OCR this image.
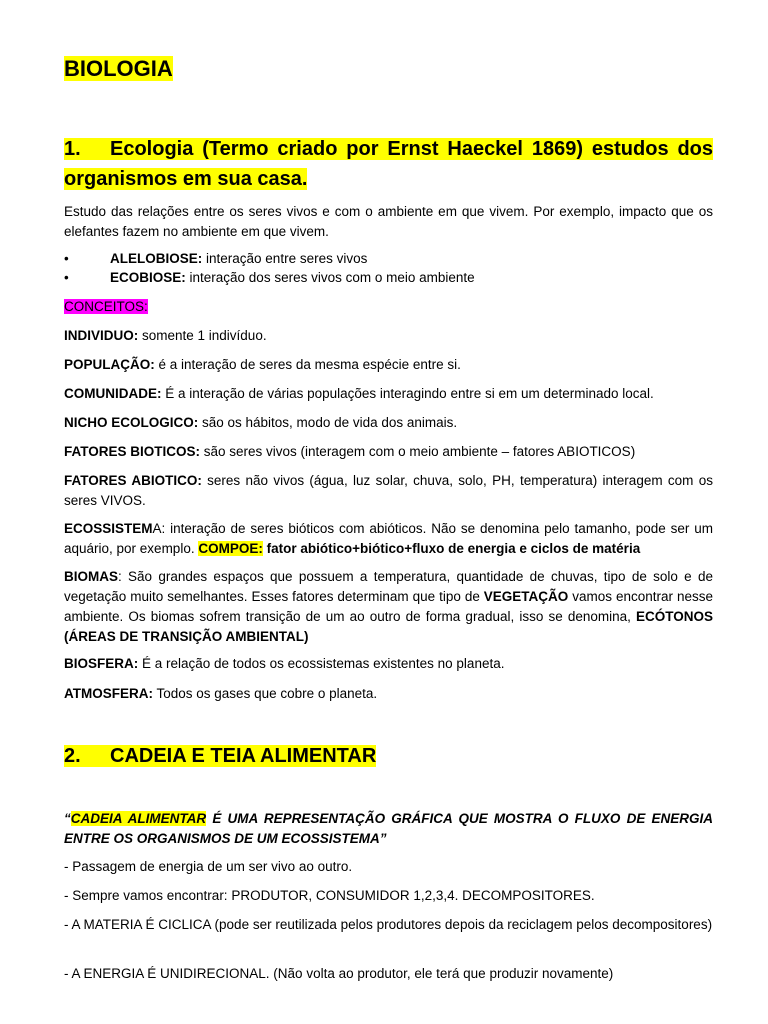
BIOLOGIA
1. Ecologia (Termo criado por Ernst Haeckel 1869) estudos dos organismos em sua casa.
Estudo das relações entre os seres vivos e com o ambiente em que vivem. Por exemplo, impacto que os elefantes fazem no ambiente em que vivem.
•	ALELOBIOSE: interação entre seres vivos
•	ECOBIOSE: interação dos seres vivos com o meio ambiente
CONCEITOS:
INDIVIDUO: somente 1 indivíduo.
POPULAÇÃO: é a interação de seres da mesma espécie entre si.
COMUNIDADE: É a interação de várias populações interagindo entre si em um determinado local.
NICHO ECOLOGICO: são os hábitos, modo de vida dos animais.
FATORES BIOTICOS: são seres vivos (interagem com o meio ambiente – fatores ABIOTICOS)
FATORES ABIOTICO: seres não vivos (água, luz solar, chuva, solo, PH, temperatura) interagem com os seres VIVOS.
ECOSSISTEMA: interação de seres bióticos com abióticos. Não se denomina pelo tamanho, pode ser um aquário, por exemplo. COMPOE: fator abiótico+biótico+fluxo de energia e ciclos de matéria
BIOMAS: São grandes espaços que possuem a temperatura, quantidade de chuvas, tipo de solo e de vegetação muito semelhantes. Esses fatores determinam que tipo de VEGETAÇÃO vamos encontrar nesse ambiente. Os biomas sofrem transição de um ao outro de forma gradual, isso se denomina, ECÓTONOS (ÁREAS DE TRANSIÇÃO AMBIENTAL)
BIOSFERA: É a relação de todos os ecossistemas existentes no planeta.
ATMOSFERA: Todos os gases que cobre o planeta.
2. CADEIA E TEIA ALIMENTAR
“CADEIA ALIMENTAR É UMA REPRESENTAÇÃO GRÁFICA QUE MOSTRA O FLUXO DE ENERGIA ENTRE OS ORGANISMOS DE UM ECOSSISTEMA”
- Passagem de energia de um ser vivo ao outro.
- Sempre vamos encontrar: PRODUTOR, CONSUMIDOR 1,2,3,4. DECOMPOSITORES.
- A MATERIA É CICLICA (pode ser reutilizada pelos produtores depois da reciclagem pelos decompositores)
- A ENERGIA É UNIDIRECIONAL. (Não volta ao produtor, ele terá que produzir novamente)
